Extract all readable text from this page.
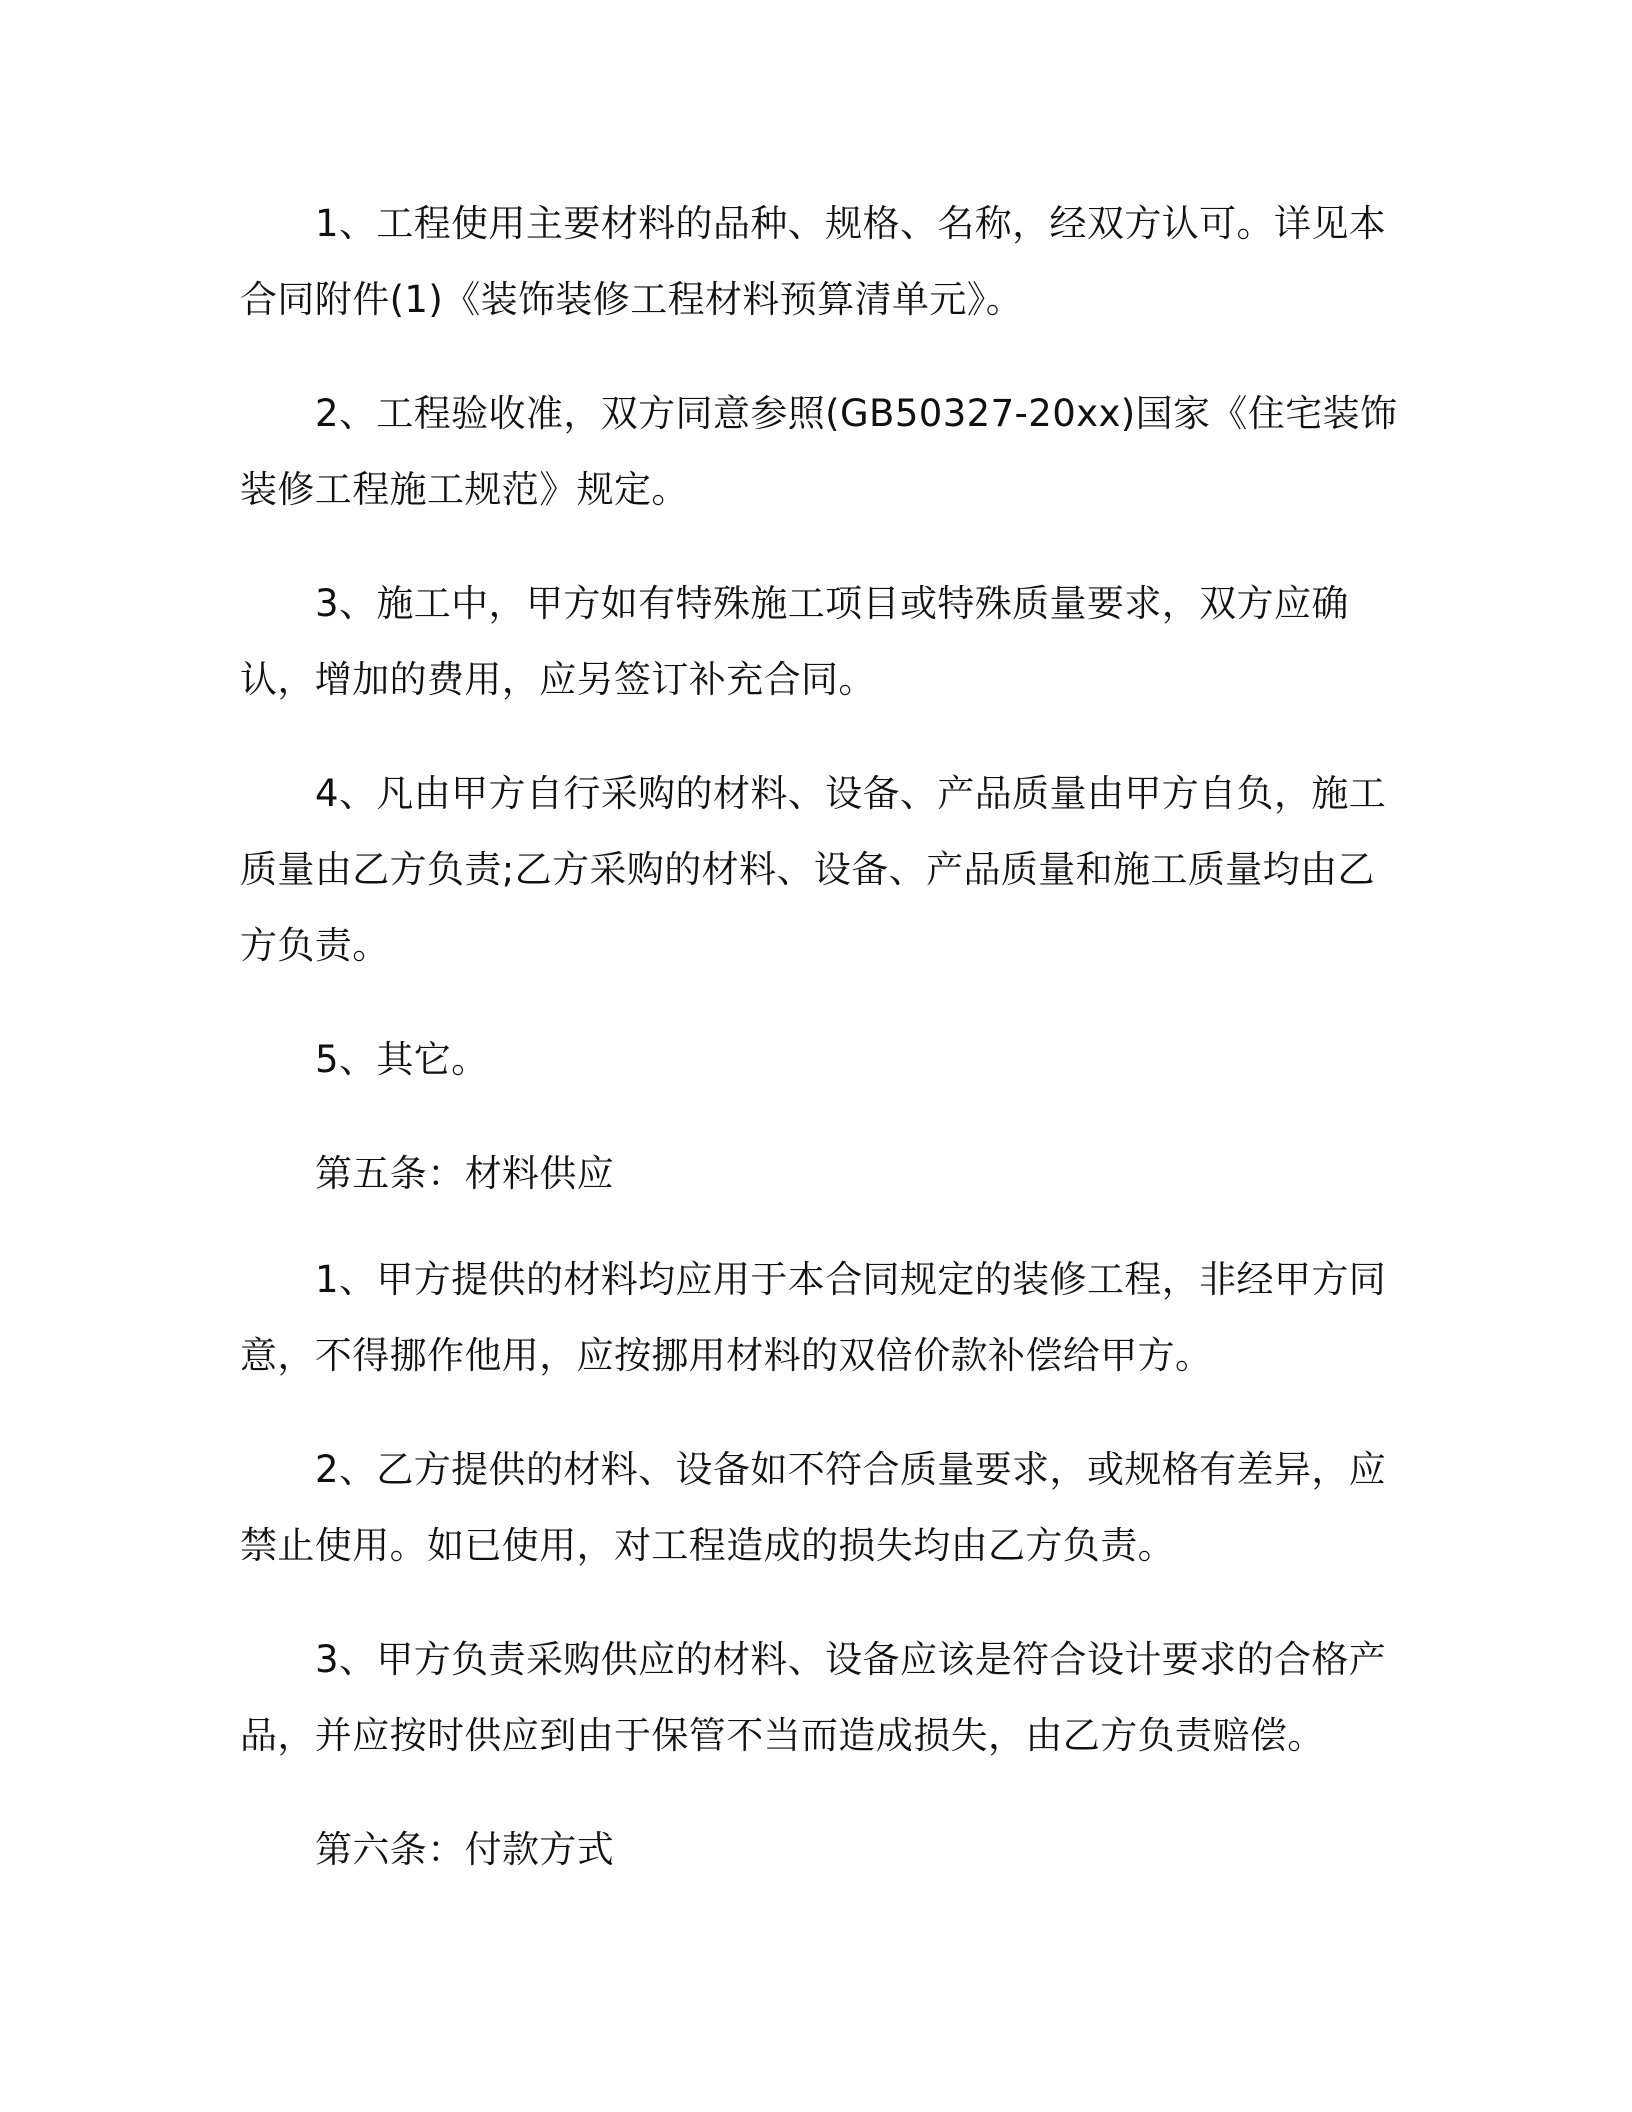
1、工程使用主要材料的品种、规格、名称，经双方认可。详见本合同附件(1)《装饰装修工程材料预算清单元》。

2、工程验收准，双方同意参照(GB50327-20xx)国家《住宅装饰装修工程施工规范》规定。

3、施工中，甲方如有特殊施工项目或特殊质量要求，双方应确认，增加的费用，应另签订补充合同。

4、凡由甲方自行采购的材料、设备、产品质量由甲方自负，施工质量由乙方负责;乙方采购的材料、设备、产品质量和施工质量均由乙方负责。

5、其它。

第五条：材料供应

1、甲方提供的材料均应用于本合同规定的装修工程，非经甲方同意，不得挪作他用，应按挪用材料的双倍价款补偿给甲方。

2、乙方提供的材料、设备如不符合质量要求，或规格有差异，应禁止使用。如已使用，对工程造成的损失均由乙方负责。

3、甲方负责采购供应的材料、设备应该是符合设计要求的合格产品，并应按时供应到由于保管不当而造成损失，由乙方负责赔偿。

第六条：付款方式
